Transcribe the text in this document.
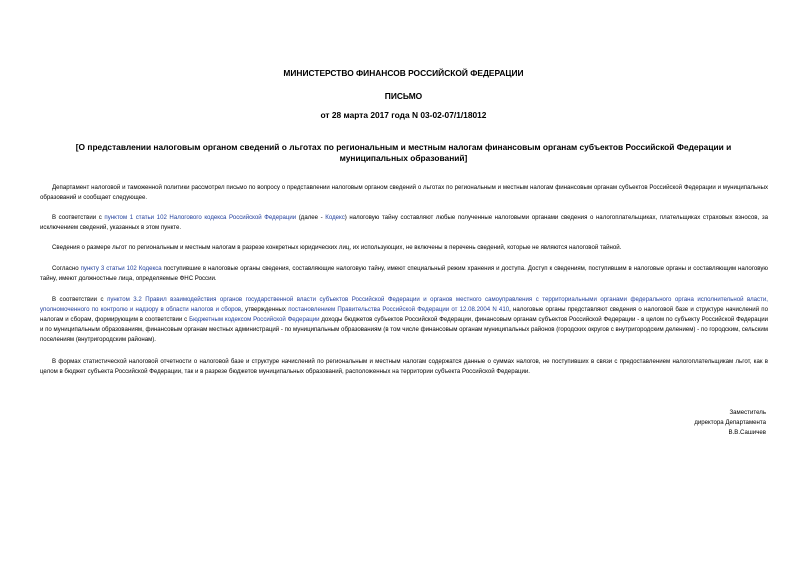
МИНИСТЕРСТВО ФИНАНСОВ РОССИЙСКОЙ ФЕДЕРАЦИИ
ПИСЬМО
от 28 марта 2017 года N 03-02-07/1/18012
[О представлении налоговым органом сведений о льготах по региональным и местным налогам финансовым органам субъектов Российской Федерации и
муниципальных образований]

Департамент налоговой и таможенной политики рассмотрел письмо по вопросу о представлении налоговым органом сведений о льготах по региональным и местным налогам финансовым органам субъектов Российской Федерации и муниципальных образований и сообщает следующее.

В соответствии с пунктом 1 статьи 102 Налогового кодекса Российской Федерации (далее - Кодекс) налоговую тайну составляют любые полученные налоговыми органами сведения о налогоплательщиках, плательщиках страховых взносов, за исключением сведений, указанных в этом пункте.

Сведения о размере льгот по региональным и местным налогам в разрезе конкретных юридических лиц, их использующих, не включены в перечень сведений, которые не являются налоговой тайной.

Согласно пункту 3 статьи 102 Кодекса поступившие в налоговые органы сведения, составляющие налоговую тайну, имеют специальный режим хранения и доступа. Доступ к сведениям, поступившим в налоговые органы и составляющим налоговую тайну, имеют должностные лица, определяемые ФНС России.

В соответствии с пунктом 3.2 Правил взаимодействия органов государственной власти субъектов Российской Федерации и органов местного самоуправления с территориальными органами федерального органа исполнительной власти, уполномоченного по контролю и надзору в области налогов и сборов, утвержденных постановлением Правительства Российской Федерации от 12.08.2004 N 410, налоговые органы представляют сведения о налоговой базе и структуре начислений по налогам и сборам, формирующим в соответствии с Бюджетным кодексом Российской Федерации доходы бюджетов субъектов Российской Федерации, финансовым органам субъектов Российской Федерации - в целом по субъекту Российской Федерации и по муниципальным образованиям, финансовым органам местных администраций - по муниципальным образованиям (в том числе финансовым органам муниципальных районов (городских округов с внутригородским делением) - по городским, сельским поселениям (внутригородским районам).

В формах статистической налоговой отчетности о налоговой базе и структуре начислений по региональным и местным налогам содержатся данные о суммах налогов, не поступивших в связи с предоставлением налогоплательщикам льгот, как в целом в бюджет субъекта Российской Федерации, так и в разрезе бюджетов муниципальных образований, расположенных на территории субъекта Российской Федерации.

Заместитель
директора Департамента
В.В.Сашичев
